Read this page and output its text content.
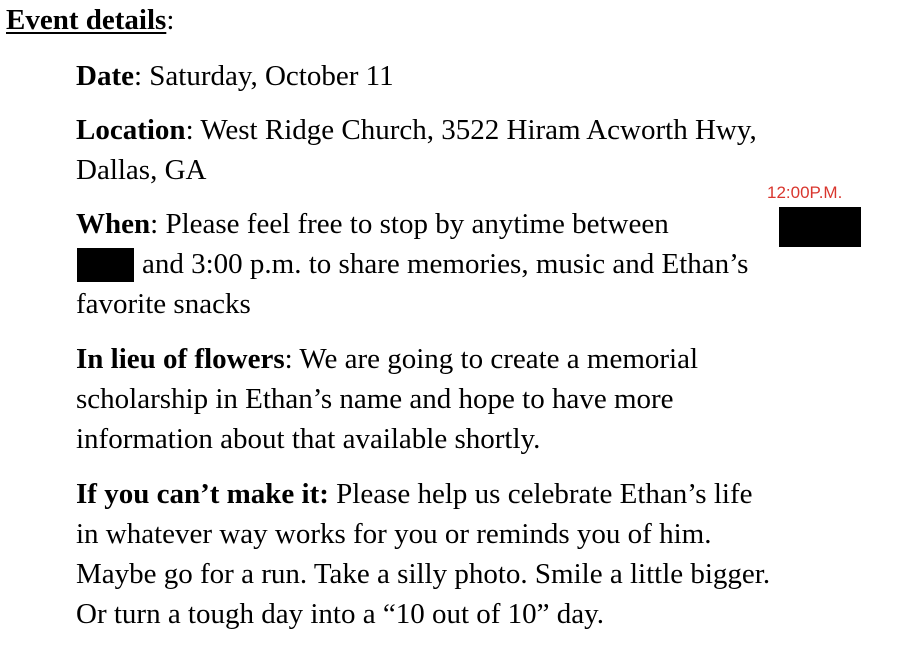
Event details:
Date: Saturday, October 11
Location: West Ridge Church, 3522 Hiram Acworth Hwy,
Dallas, GA
12:00P.M.
When: Please feel free to stop by anytime between
and 3:00 p.m. to share memories, music and Ethan’s
favorite snacks
In lieu of flowers: We are going to create a memorial
scholarship in Ethan’s name and hope to have more
information about that available shortly.
If you can’t make it: Please help us celebrate Ethan’s life
in whatever way works for you or reminds you of him.
Maybe go for a run. Take a silly photo. Smile a little bigger.
Or turn a tough day into a “10 out of 10” day.
